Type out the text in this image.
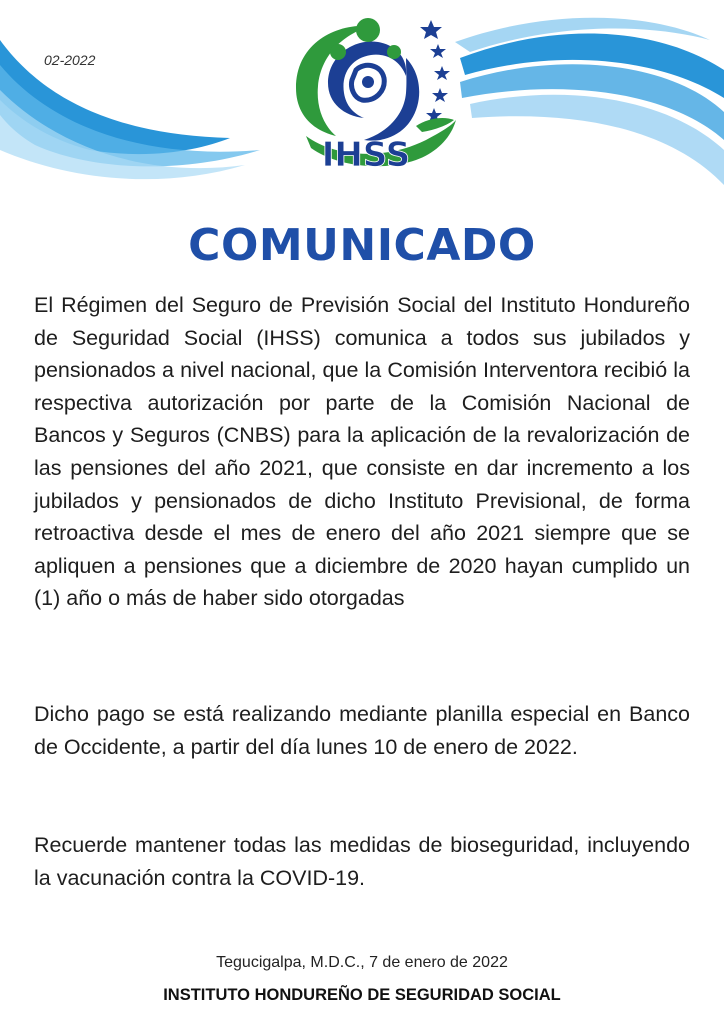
02-2022
IHSS
COMUNICADO

El Régimen del Seguro de Previsión Social del Instituto Hondureño de Seguridad Social (IHSS) comunica a todos sus jubilados y pensionados a nivel nacional, que la Comisión Interventora recibió la respectiva autorización por parte de la Comisión Nacional de Bancos y Seguros (CNBS) para la aplicación de la revalorización de las pensiones del año 2021, que consiste en dar incremento a los jubilados y pensionados de dicho Instituto Previsional, de forma retroactiva desde el mes de enero del año 2021 siempre que se apliquen a pensiones que a diciembre de 2020 hayan cumplido un (1) año o más de haber sido otorgadas

Dicho pago se está realizando mediante planilla especial en Banco de Occidente, a partir del día lunes 10 de enero de 2022.

Recuerde mantener todas las medidas de bioseguridad, incluyendo la vacunación contra la COVID-19.

Tegucigalpa, M.D.C., 7 de enero de 2022
INSTITUTO HONDUREÑO DE SEGURIDAD SOCIAL
